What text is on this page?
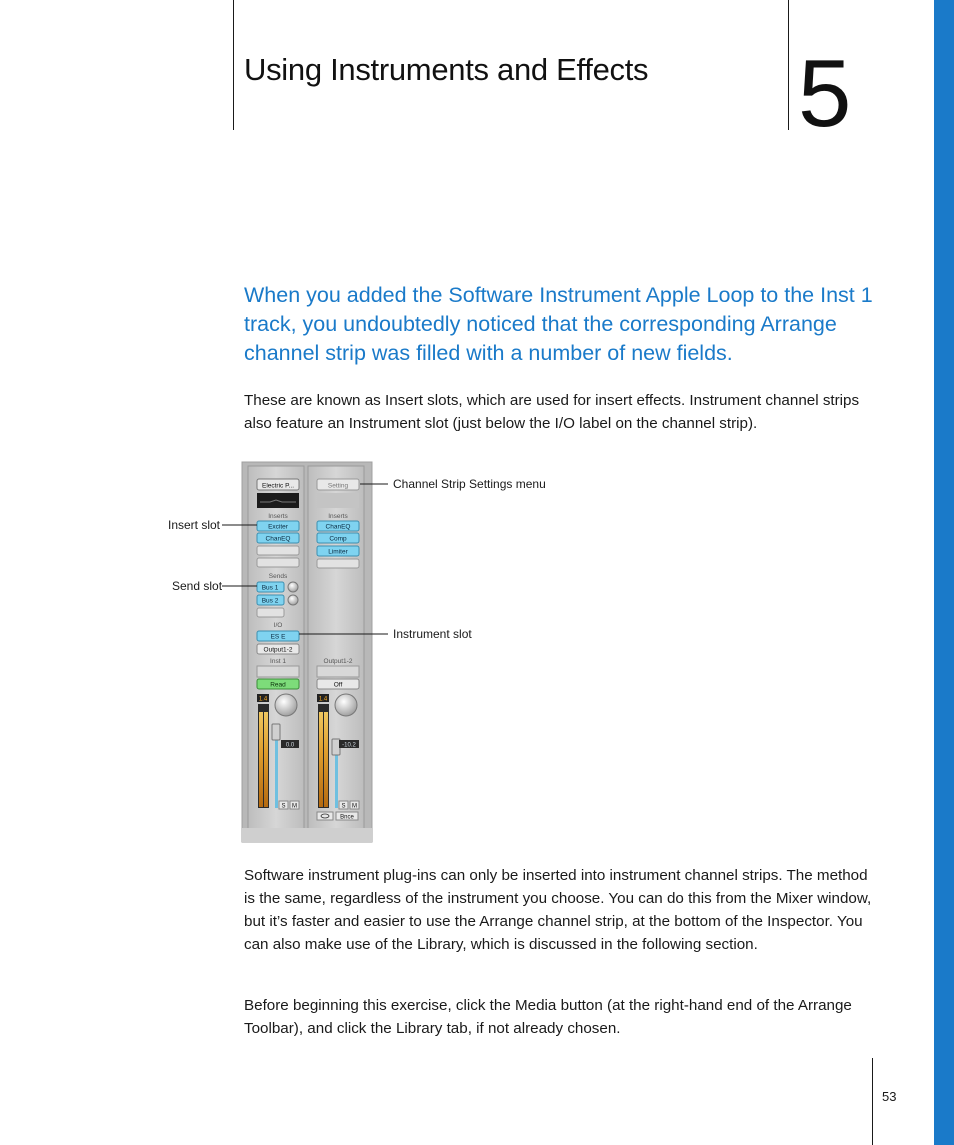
Using Instruments and Effects 5

When you added the Software Instrument Apple Loop to the Inst 1 track, you undoubtedly noticed that the corresponding Arrange channel strip was filled with a number of new fields.

These are known as Insert slots, which are used for insert effects. Instrument channel strips also feature an Instrument slot (just below the I/O label on the channel strip).

Electric P...
Inserts
Exciter
ChanEQ
Sends
Bus 1
Bus 2
I/O
ES E
Output1-2
Inst 1
Read
1.4
0.0
S M
Setting
Inserts
ChanEQ
Comp
Limiter
Output1-2
Off
1.4
-10.2
S M
Bnce
Channel Strip Settings menu
Insert slot
Send slot
Instrument slot

Software instrument plug-ins can only be inserted into instrument channel strips. The method is the same, regardless of the instrument you choose. You can do this from the Mixer window, but it’s faster and easier to use the Arrange channel strip, at the bottom of the Inspector. You can also make use of the Library, which is discussed in the following section.

Before beginning this exercise, click the Media button (at the right-hand end of the Arrange Toolbar), and click the Library tab, if not already chosen.

53
